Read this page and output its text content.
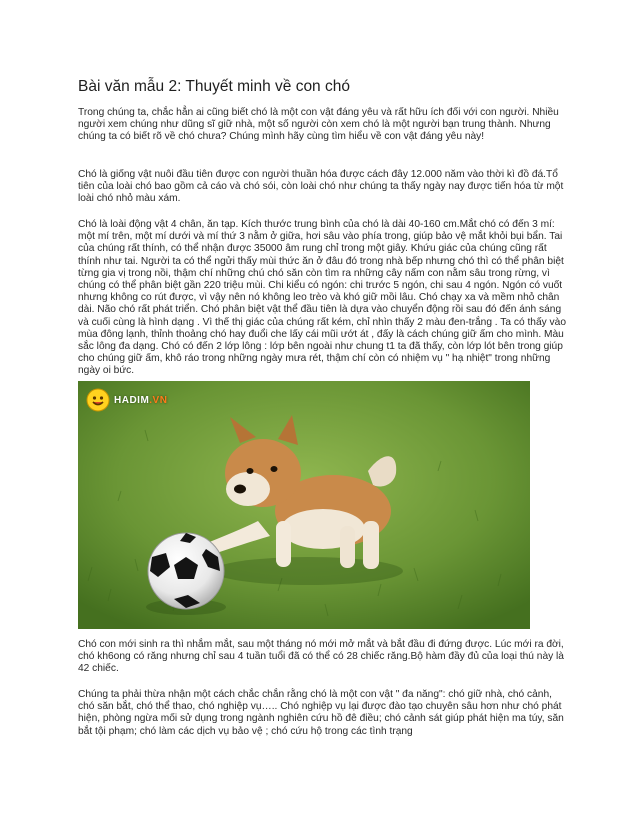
Bài văn mẫu 2: Thuyết minh về con chó

Trong chúng ta, chắc hẳn ai cũng biết chó là một con vật đáng yêu và rất hữu ích đối với con người. Nhiều người xem chúng như dũng sĩ giữ nhà, một số người còn xem chó là một người bạn trung thành. Nhưng chúng ta có biết rõ về chó chưa? Chúng mình hãy cùng tìm hiểu về con vật đáng yêu này!

Chó là giống vật nuôi đầu tiên được con người thuần hóa được cách đây 12.000 năm vào thời kì đồ đá.Tổ tiên của loài chó bao gồm cả cáo và chó sói, còn loài chó như chúng ta thấy ngày nay được tiến hóa từ một loài chó nhỏ màu xám.

Chó là loài động vật 4 chân, ăn tạp. Kích thước trung bình của chó là dài 40-160 cm.Mắt chó có đến 3 mí: một mí trên, một mí dưới và mí thứ 3 nằm ở giữa, hơi sâu vào phía trong, giúp bảo vệ mắt khỏi bụi bẩn. Tai của chúng rất thính, có thể nhận được 35000 âm rung chỉ trong một giây. Khứu giác của chúng cũng rất thính như tai. Người ta có thể ngửi thấy mùi thức ăn ở đâu đó trong nhà bếp nhưng chó thì có thể phân biệt từng gia vị trong nồi, thậm chí những chú chó săn còn tìm ra những cây nấm con nằm sâu trong rừng, vì chúng có thể phân biệt gần 220 triệu mùi. Chi kiểu có ngón: chi trước 5 ngón, chi sau 4 ngón. Ngón có vuốt nhưng không co rút được, vì vậy nên nó không leo trèo và khó giữ mồi lâu. Chó chạy xa và mềm nhỏ chân dài. Não chó rất phát triển. Chó phân biệt vật thể đầu tiên là dựa vào chuyển động rồi sau đó đến ánh sáng và cuối cùng là hình dạng . Vì thế thị giác của chúng rất kém, chỉ nhìn thấy 2 màu đen-trắng . Ta có thấy vào mùa đông lạnh, thỉnh thoảng chó hay đuổi che lấy cái mũi ướt át , đấy là cách chúng giữ ấm cho mình. Màu sắc lông đa dạng. Chó có đến 2 lớp lông : lớp bên ngoài như chung t1 ta đã thấy, còn lớp lót bên trong giúp cho chúng giữ ấm, khô ráo trong những ngày mưa rét, thậm chí còn có nhiệm vụ " hạ nhiệt" trong những ngày oi bức.

HADIM.VN

Chó con mới sinh ra thì nhắm mắt, sau một tháng nó mới mở mắt và bắt đầu đi đứng được. Lúc mới ra đời, chó kh6ong có răng nhưng chỉ sau 4 tuần tuổi đã có thể có 28 chiếc răng.Bộ hàm đầy đủ của loại thú này là 42 chiếc.

Chúng ta phải thừa nhận một cách chắc chắn rằng chó là một con vật " đa năng": chó giữ nhà, chó cảnh, chó săn bắt, chó thể thao, chó nghiệp vụ….. Chó nghiệp vụ lại được đào tạo chuyên sâu hơn như chó phát hiện, phòng ngừa mối sử dụng trong ngành nghiên cứu hồ đê điều; chó cảnh sát giúp phát hiện ma túy, săn bắt tội phạm; chó làm các dịch vụ bảo vệ ; chó cứu hộ trong các tình trạng
